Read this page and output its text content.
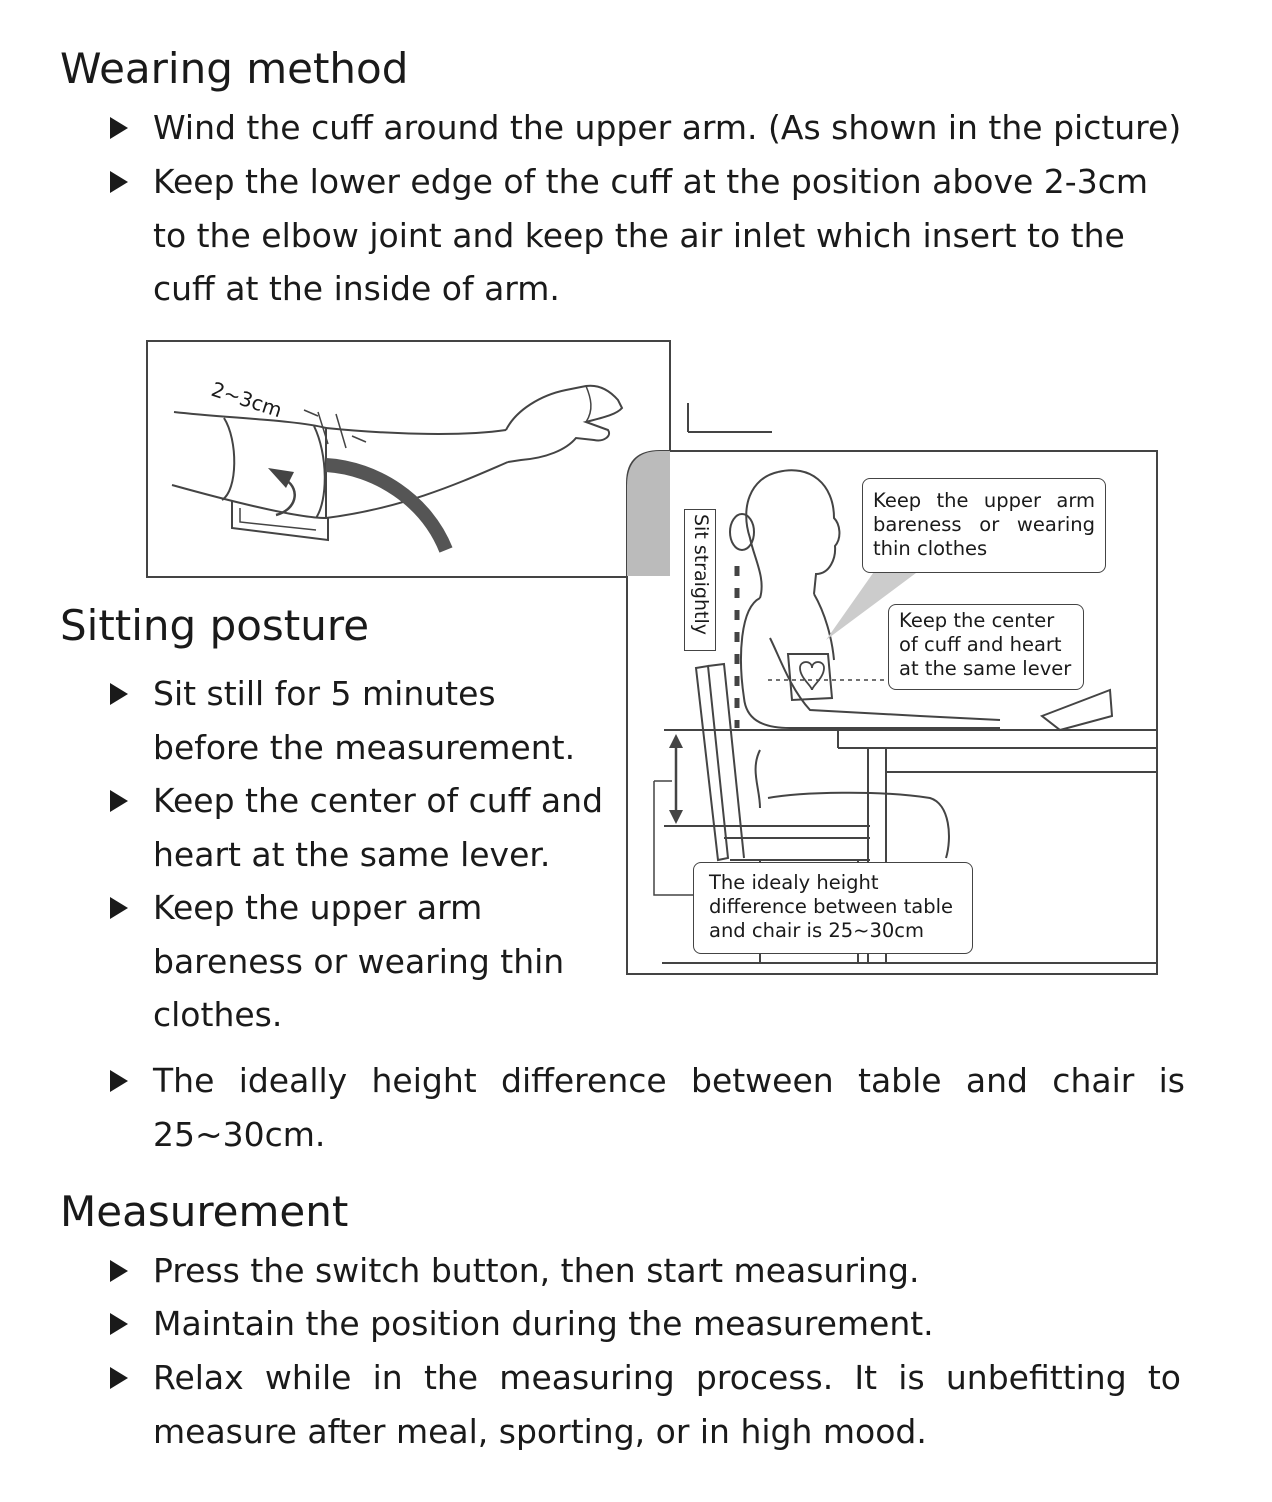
Wearing method
Wind the cuff around the upper arm. (As shown in the picture)
Keep the lower edge of the cuff at the position above 2-3cm
to the elbow joint and keep the air inlet which insert to the
cuff at the inside of arm.
2~3cm
Sit straightly
Keep the upper arm
bareness or wearing
thin clothes
Keep the center
of cuff and heart
at the same lever
The idealy height
difference between table
and chair is 25~30cm
Sitting posture
Sit still for 5 minutes
before the measurement.
Keep the center of cuff and
heart at the same lever.
Keep the upper arm
bareness or wearing thin
clothes.
The ideally height difference between table and chair is
25~30cm.
Measurement
Press the switch button, then start measuring.
Maintain the position during the measurement.
Relax while in the measuring process. It is unbefitting to
measure after meal, sporting, or in high mood.
